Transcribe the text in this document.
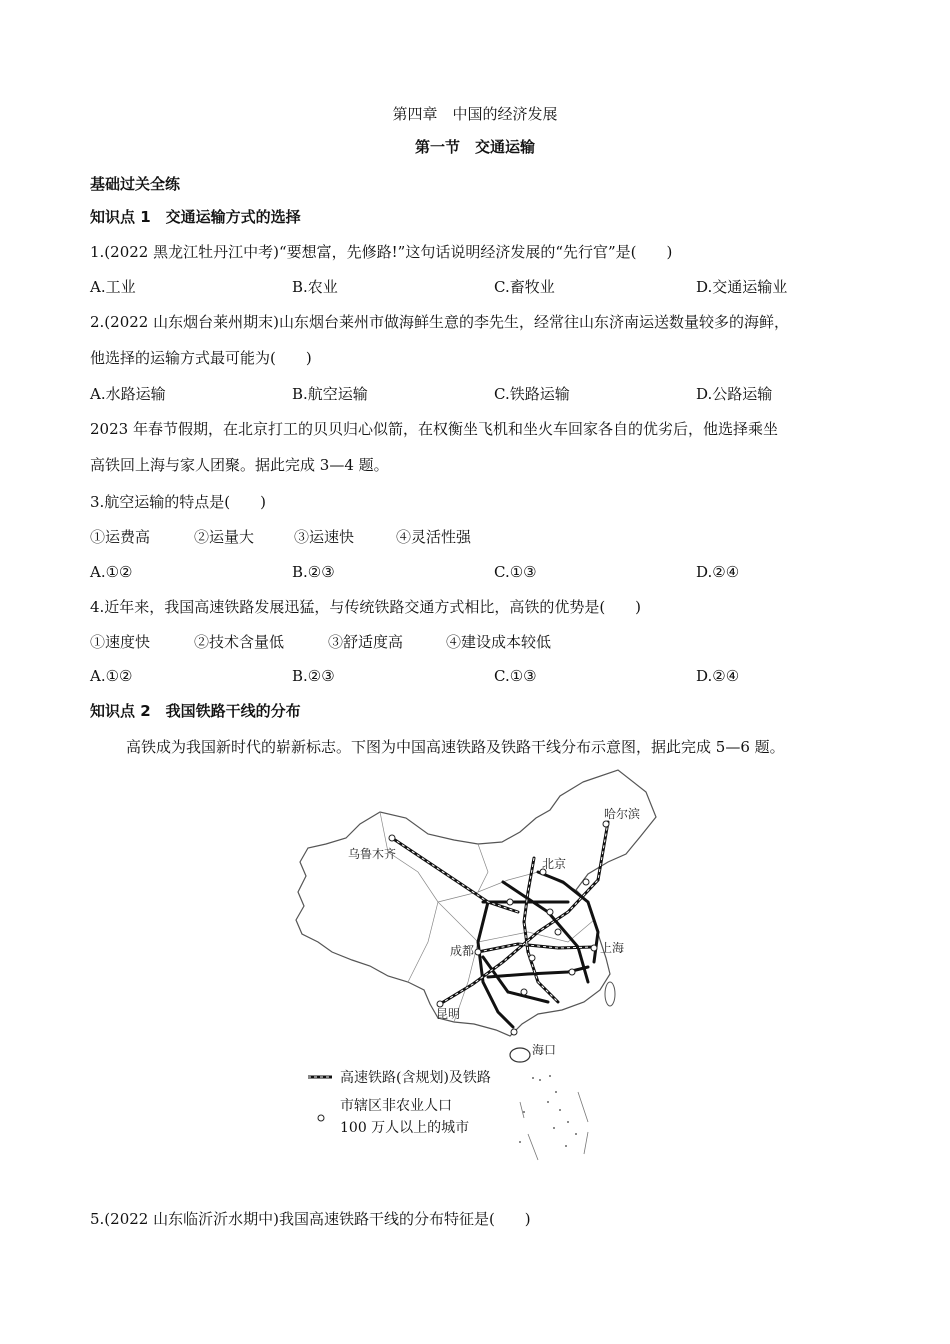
第四章　中国的经济发展
第一节　交通运输
基础过关全练
知识点 1　交通运输方式的选择
1.(2022 黑龙江牡丹江中考)“要想富，先修路!”这句话说明经济发展的“先行官”是(　　)
A.工业	B.农业	C.畜牧业	D.交通运输业
2.(2022 山东烟台莱州期末)山东烟台莱州市做海鲜生意的李先生，经常往山东济南运送数量较多的海鲜，
他选择的运输方式最可能为(　　)
A.水路运输	B.航空运输	C.铁路运输	D.公路运输
2023 年春节假期，在北京打工的贝贝归心似箭，在权衡坐飞机和坐火车回家各自的优劣后，他选择乘坐
高铁回上海与家人团聚。据此完成 3—4 题。
3.航空运输的特点是(　　)
①运费高	②运量大	③运速快	④灵活性强
A.①②	B.②③	C.①③	D.②④
4.近年来，我国高速铁路发展迅猛，与传统铁路交通方式相比，高铁的优势是(　　)
①速度快	②技术含量低	③舒适度高	④建设成本较低
A.①②	B.②③	C.①③	D.②④
知识点 2　我国铁路干线的分布
高铁成为我国新时代的崭新标志。下图为中国高速铁路及铁路干线分布示意图，据此完成 5—6 题。
哈尔滨
乌鲁木齐
北京
成都	上海
昆明
海口
高速铁路(含规划)及铁路
市辖区非农业人口
100 万人以上的城市
5.(2022 山东临沂沂水期中)我国高速铁路干线的分布特征是(　　)
